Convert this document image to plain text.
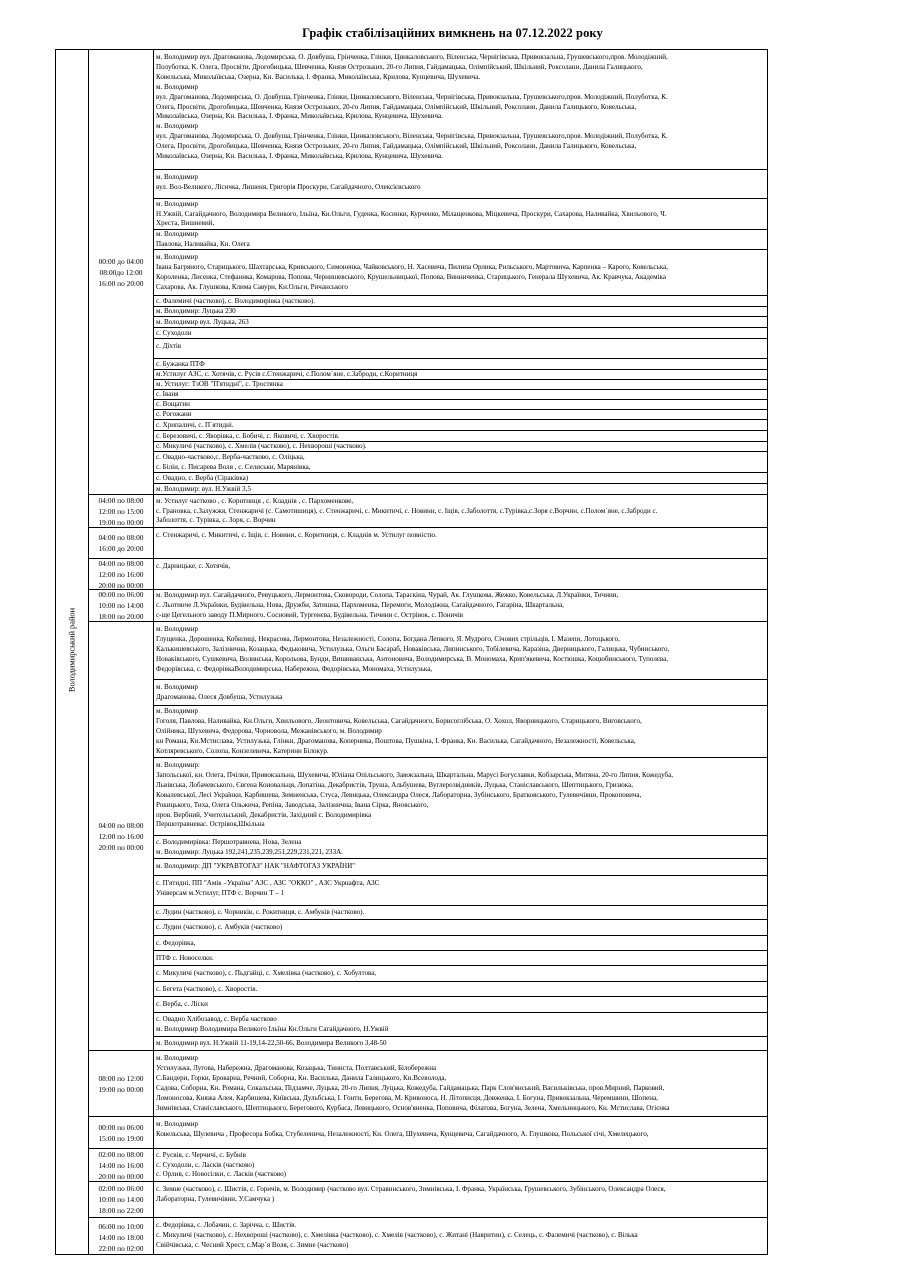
Графік стабілізаційних вимкнень на 07.12.2022 року
Володимирський район
00:00 до 04:00
08:00до 12:00
16:00 по 20:00
04:00 по 08:00
12:00 по 15:00
19:00 по 00:00
04:00 по 08:00
16:00 до 20:00
04:00 по 08:00
12:00 по 16:00
20:00 по 00:00
00:00 по 06:00
10:00 по 14:00
18:00 по 20:00
04:00 по 08:00
12:00 по 16:00
20:00 по 00:00
08:00 по 12:00
19:00 по 00:00
00:00 по 06:00
15:00 по 19:00
02:00 по 08:00
14:00 по 16:00
20:00 по 00:00
02:00 по 06:00
10:00 по 14:00
18:00 по 22:00
06:00 по 10:00
14:00 по 18:00
22:00 по 02:00
м. Володимир вул. Драгоманова, Лодомирська, О. Довбуша, Грінченка, Глінки, Цинкаловського, Віленська, Чернігівська, Привокзальна, Грушевського,пров. Молодіжний,
Полуботка, К. Олега, Просвіти, Дрогобицька, Шевченка, Князя Острозьких, 20-го Липня, Гайдамацька, Олімпійський, Шкільний, Роксолани, Данила Галицького,
Ковельська, Миколаївська, Озерна, Кн. Василька, І. Франка, Миколаївська, Крилова, Кунцевича, Шухевича.
м. Володимир
вул. Драгоманова, Лодомирська, О. Довбуша, Грінченка, Глінки, Цинкаловського, Віленська, Чернігівська, Привокзальна, Грушевського,пров. Молодіжний, Полуботка, К.
Олега, Просвіти, Дрогобицька, Шевченка, Князя Острозьких, 20-го Липня, Гайдамацька, Олімпійський, Шкільний, Роксолани, Данила Галицького, Ковельська,
Миколаївська, Озерна, Кн. Василька, І. Франка, Миколаївська, Крилова, Кунцевича, Шухевича.
м. Володимир
вул. Драгоманова, Лодомирська, О. Довбуша, Грінченка, Глінки, Цинкаловського, Віленська, Чернігівська, Привокзальна, Грушевського,пров. Молодіжний, Полуботка, К.
Олега, Просвіти, Дрогобицька, Шевченка, Князя Острозьких, 20-го Липня, Гайдамацька, Олімпійський, Шкільний, Роксолани, Данила Галицького, Ковельська,
Миколаївська, Озерна, Кн. Василька, І. Франка, Миколаївська, Крилова, Кунцевича, Шухевича.
м. Володимир
вул. Вол-Великого, Лісичка, Лишеня, Григорія Проскури, Сагайдачного, Олексієвського
м. Володимир
Н.Ужвій, Сагайдачного, Володимира Великого, Ільїна, Кн.Ольги, Гуденка, Косинки, Курченко, Мілащенкова, Міцкевича, Проскури, Сахарова, Наливайка, Хвильового, Ч.
Хреста, Вишневий,
м. Володимир
Павлова, Наливайка, Кн. Олега
м. Володимир
Івана Багряного, Старицького, Шахтарська, Кривського, Симоненка, Чайковського, Н. Хасевича, Пилипа Орлика, Рильського, Мартовича, Карпенка – Карого, Ковельська,
Короленка, Лисенка, Стефаника, Комарова, Попова, Чернишевського, Крушельницької, Попова, Винниченка, Старицького, Генерала Шухевича, Ак. Кравчука, Академіка
Сахарова, Ак. Глушкова, Клима Савури, Кн.Ольги, Ричанського
с. Фалемичі (частково), с. Володимирівка (частково).
м. Володимир: Луцька 230
м. Володимир вул. Луцька, 263
с. Суходоли
с. Діхтів
с. Бужанка ПТФ
м.Устилуг АЗС, с. Хотячів, с. Русів с.Стенжаричі, с.Полом`яне, с.Заброди, с.Коритниця
м. Устилуг: ТзОВ "П'ятидні", с. Тростянка
с. Іваня
с. Вощатин
с. Рогожани
с. Хрипаличі, с. П`ятидні.
с. Березовичі, с. Яворівка, с. Бобичі, с. Яковичі, с. Хворостів.
с. Микуличі (частково), с. Хмелів (частково), с. Нехвороші (частково).
с. Овадно-частково,с. Верба-частково, с. Оліцька,
с. Біліи, с. Писарева Воля , с. Селиськи, Марянівка,
с. Овадно, с. Верба (Сіраківка)
м. Володимир: вул. Н.Ужвій 3,5
м. Устилуг частково , с. Коритниця , с. Кладнів , с. Пархоменкове,
с. Грановка, с.Залужжя, Стенжаричі (с. Самотишиця), с. Стенжаричі, с. Микитичі, с. Новини, с. Іщів, с.Заболоття, с.Турівка,с.Зоря с.Ворчин, с.Полом`яне, с.Заброди с.
Заболоття, с. Турівка, с. Зоря, с. Ворчин
с. Стенжаричі, с. Микитичі, с. Іщів, с. Новини, с. Коритниця, с. Кладнів м. Устилуг повністю.
с. Дарницьке, с. Хотячів,
м. Володимир вул. Сагайдачного, Ревуцького, Лермонтова, Сковороди, Солопа, Тараскіна, Чурай, Ак. Глушкова, Жежко, Ковельська, Л.Українки, Тичини,
с. Льотинче Л.Українки, Будівельна, Нова, Дружби, Затишна, Пархоменка, Перемоги, Молодіжна, Сагайдачного, Гагаріна, Шкартальна,
с-ще Цегельного заводу П.Мирного, Сосновий, Тургенєва, Будівельна, Тичини с. Острівок, с. Поничів
м. Володимир
Глущенка, Дорошенка, Кобилиці, Некрасова, Лермонтова, Незалежності, Солопа, Богдана Лепкого, Я. Мудрого, Січових стрільців, І. Мазепи, Лотоцького,
Калькишевського, Залізнична, Козацька, Федьковича, Устилузька, Ольги Басараб, Новаківська, Липинського, Тобілевича, Каразіна, Дверницького, Галицька, Чубинського,
Новаківського, Сушкевича, Волинська, Корольова, Бунди, Вишиванська, Антоновича, Володимирська, В. Мономаха, Крип'якевича, Костюшка, Коцюбинського, Туполєва,
Федорівська, с. ФедорівкаВолодимирська, Набережна, Федорівська, Мономаха, Устилузька,
м. Володимир
Драгоманова, Олеся Довбуша, Устилузька
м. Володимир
Гоголя, Павлова, Наливайка, Кн.Ольги, Хвильового, Леонтовича, Ковельська, Сагайдачного, Борисоглібська, О. Хохол, Яворницького, Старицького, Виговського,
Олійника, Шухевича, Федорова, Чорновола, Межанівського, м. Володимир
кн Романа, Кн.Мстислава, Устилузька, Глінки, Драгоманова, Коперника, Поштова, Пушкіна, І. Франка, Кн. Василька, Сагайдачного, Незалежності, Ковельська,
Котляревського, Солопа, Конзелевича, Катерини Білокур.
м. Володимир:
Запольської, кн. Олега, Пчілки, Привокзальна, Шухевича, Юліана Опільського, Завокзальна, Шкартальна, Марусі Богуславки, Кобзарська, Митяна, 20-го Липня, Кожедуба,
Львівська, Лобачевського, Євгена Коновальця, Лопатіна, Декабристів, Труша, Альбушева, Вуглерозвідників, Луцька, Станіславського, Шептицького, Гризюка,
Ковалевської, Лесі Українки, Карбишева, Зимненська, Стуса, Левицька, Олександра Олеся, Лабораторна, Зубінського, Братковського, Гулевичівни, Прокоповича,
Рокицького, Тиха, Олега Ольжича, Репіна, Заводська, Залізнична, Івана Сірка, Яновського,
пров. Вербний, Учительський, Декабристів, Західний с. Володимирівка
Першотравневас. Острівок,Шкільна
с. Володимирівка: Першотравнева, Нова, Зелена
м. Володимир: Луцька 192,241,235,239,251,229,231,221, 233А.
м. Володимир: ДП "УКРАВТОГАЗ" НАК "НАФТОГАЗ УКРАЇНИ"
с. П'ятидні, ПП "Амік –Україна" АЗС , АЗС "ОККО" , АЗС Укрнафта, АЗС
Універсам м.Устилуг, ПТФ с. Ворчин Т – 1
с. Лудин (частково), с. Чорників, с. Рокитниця, с. Амбуків (частково).
с. Лудин (частково), с. Амбуків (частково)
с. Федорівка,
ПТФ с. Новоселки.
с. Микуличі (частково), с. Пьдгайцi, с. Хмелівка (частково), с. Хобултова,
с. Бегета (частково), с. Хворостів.
с. Верба, с. Ліски
с. Овадно Хлібозавод, с. Верба частково
м. Володимир Володимира Великого Ільїна Кн.Ольги Сагайдачного, Н.Ужвій
м. Володимир вул. Н.Ужвій 11-19,14-22,50-66, Володимира Великого 3,48-50
м. Володимир
Устилузька, Лугова, Набережна, Драгоманова, Козацька, Тиниста, Полтавський, Білобережна
С.Бандери, Горки, Броварна, Речний, Соборна, Кн. Василька, Данила Галицького, Кн.Всеволода,
Садова, Соборна, Кн. Романа, Сокальська, Підзамче, Луцька, 20-го Липня, Луцька, Кожедуба, Гайдамацька, Парк Слов'янський, Васильківська, пров.Мирний, Парковий,
Ломоносова, Княжа Алея, Карбишева, Київська, Дульбська, І. Гонти, Берегова, М. Кривоноса, Н. Літописця, Довженка, І. Богуна, Привокзальна, Черемшини, Шопена,
Зимнівська, Станіславського, Шептицького, Берегового, Курбаса, Левицького, Основ'яненка, Поповича, Філатова, Богуна, Зелена, Хмельницького, Кн. Мстислава, Огієнка
м. Володимир
Ковельська, Шулевича , Професора Бобка, Стубеленича, Незалежності, Кн. Олега, Шухевича, Кунцевича, Сагайдачного, А. Глушкова, Польської січі, Хмелецького,
с. Русвів, с. Черчичі, с. Бубнів
с. Суходоли, с. Ласків (частково)
с. Орлив, с. Новосілки, с. Ласків (частково)
с. Зимне (частково), с. Шистів, с. Горичів, м. Володимир (частково вул. Стравинського, Зимнівська, І. Франка, Українська, Грушевського, Зубінського, Олександра Олеся,
Лабораторна, Гулевичівни, У.Самчука )
с. Федорівка, с. Лобачин, с. Зарічча, с. Шистів.
с. Микуличі (частково), с. Нехвороші (частково), с. Хмелівка (частково), с. Хмелів (частково), с. Житані (Навритин), с. Селець, с. Фалемичі (частково), с. Вілька
Свійчівська, с. Чесний Хрест, с.Мар`я Воля, с. Зимне (частково)
